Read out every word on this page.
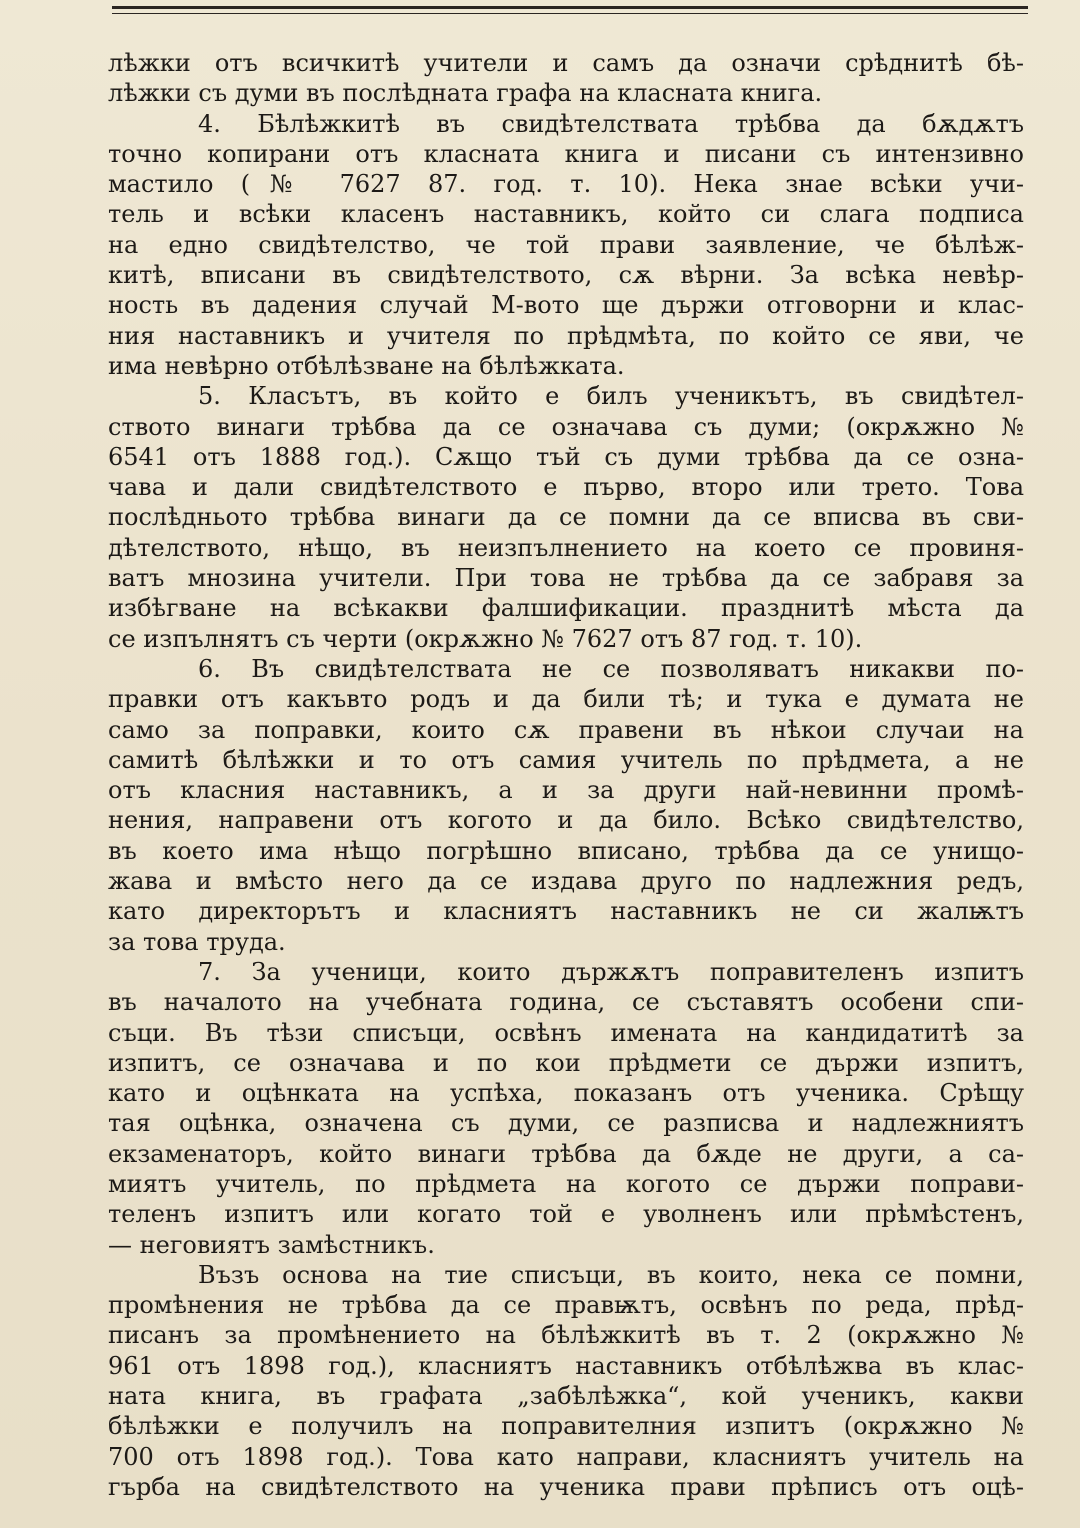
лѣжки отъ всичкитѣ учители и самъ да означи срѣднитѣ бѣ-
лѣжки съ думи въ послѣдната графа на класната книга.
4. Бѣлѣжкитѣ въ свидѣтелствата трѣбва да бѫдѫтъ
точно копирани отъ класната книга и писани съ интензивно
мастило (№ 7627 87. год. т. 10). Нека знае всѣки учи-
тель и всѣки класенъ наставникъ, който си слага подписа
на едно свидѣтелство, че той прави заявление, че бѣлѣж-
китѣ, вписани въ свидѣтелството, сѫ вѣрни. За всѣка невѣр-
ность въ дадения случай М-вото ще държи отговорни и клас-
ния наставникъ и учителя по прѣдмѣта, по който се яви, че
има невѣрно отбѣлѣзване на бѣлѣжката.
5. Класътъ, въ който е билъ ученикътъ, въ свидѣтел-
ството винаги трѣбва да се означава съ думи; (окрѫжно №
6541 отъ 1888 год.). Сѫщо тъй съ думи трѣбва да се озна-
чава и дали свидѣтелството е първо, второ или трето. Това
послѣдньото трѣбва винаги да се помни да се вписва въ сви-
дѣтелството, нѣщо, въ неизпълнението на което се провиня-
ватъ мнозина учители. При това не трѣбва да се забравя за
избѣгване на всѣкакви фалшификации. празднитѣ мѣста да
се изпълнятъ съ черти (окрѫжно № 7627 отъ 87 год. т. 10).
6. Въ свидѣтелствата не се позволяватъ никакви по-
правки отъ какъвто родъ и да били тѣ; и тука е думата не
само за поправки, които сѫ правени въ нѣкои случаи на
самитѣ бѣлѣжки и то отъ самия учитель по прѣдмета, а не
отъ класния наставникъ, а и за други най-невинни промѣ-
нения, направени отъ когото и да било. Всѣко свидѣтелство,
въ което има нѣщо погрѣшно вписано, трѣбва да се унищо-
жава и вмѣсто него да се издава друго по надлежния редъ,
като директорътъ и класниятъ наставникъ не си жалѭтъ
за това труда.
7. За ученици, които държѫтъ поправителенъ изпитъ
въ началото на учебната година, се съставятъ особени спи-
съци. Въ тѣзи списъци, освѣнъ имената на кандидатитѣ за
изпитъ, се означава и по кои прѣдмети се държи изпитъ,
като и оцѣнката на успѣха, показанъ отъ ученика. Срѣщу
тая оцѣнка, означена съ думи, се разписва и надлежниятъ
екзаменаторъ, който винаги трѣбва да бѫде не други, а са-
миятъ учитель, по прѣдмета на когото се държи поправи-
теленъ изпитъ или когато той е уволненъ или прѣмѣстенъ,
— неговиятъ замѣстникъ.
Възъ основа на тие списъци, въ които, нека се помни,
промѣнения не трѣбва да се правѭтъ, освѣнъ по реда, прѣд-
писанъ за промѣнението на бѣлѣжкитѣ въ т. 2 (окрѫжно №
961 отъ 1898 год.), класниятъ наставникъ отбѣлѣжва въ клас-
ната книга, въ графата „забѣлѣжка“, кой ученикъ, какви
бѣлѣжки е получилъ на поправителния изпитъ (окрѫжно №
700 отъ 1898 год.). Това като направи, класниятъ учитель на
гърба на свидѣтелството на ученика прави прѣписъ отъ оцѣ-
